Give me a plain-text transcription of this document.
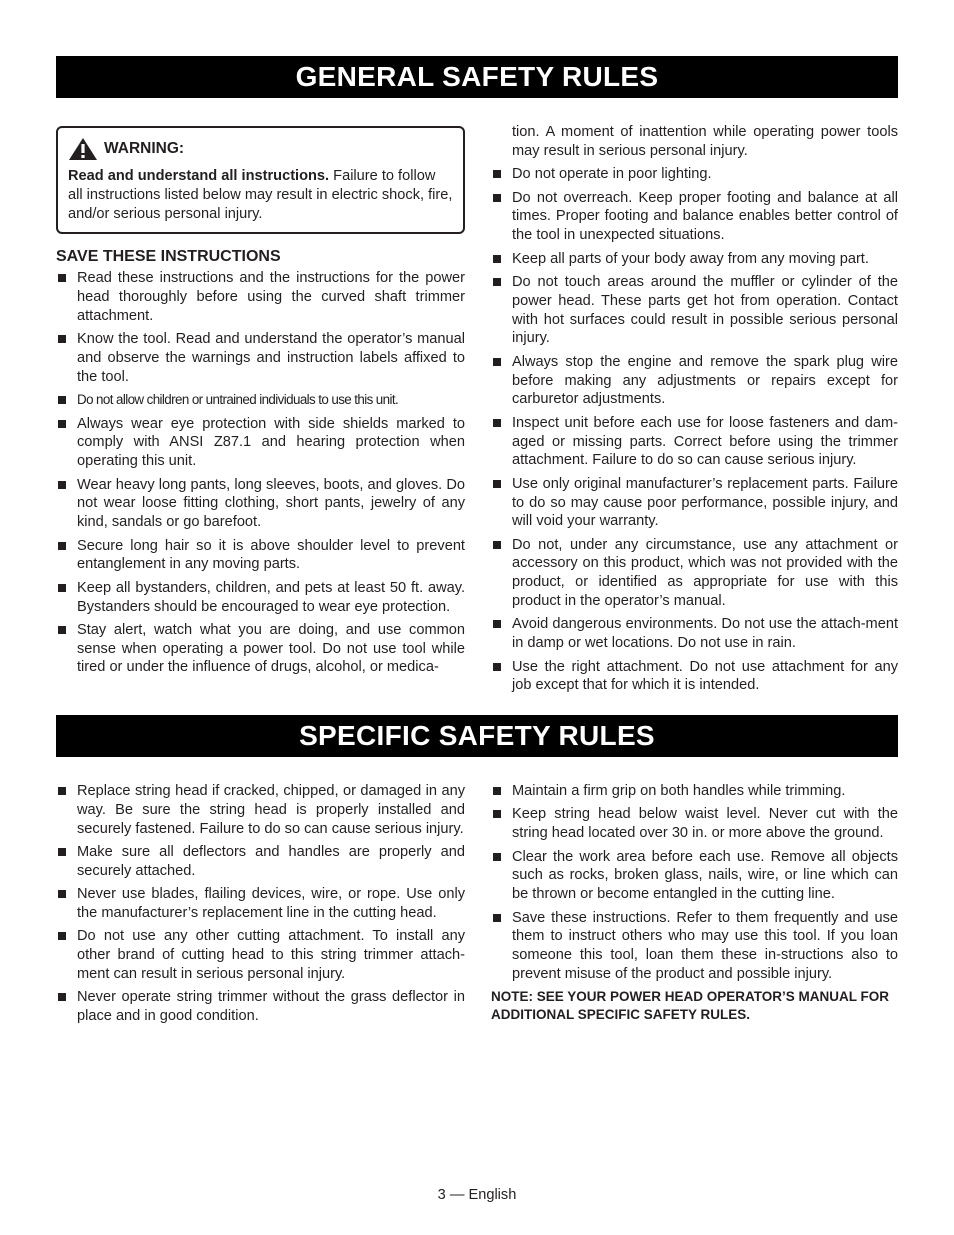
GENERAL SAFETY RULES
WARNING:
Read and understand all instructions. Failure to follow all instructions listed below may result in electric shock, fire, and/or serious personal injury.
SAVE THESE INSTRUCTIONS
Read these instructions and the instructions for the power head thoroughly before using the curved shaft trimmer attachment.
Know the tool. Read and understand the operator’s manual and observe the warnings and instruction labels affixed to the tool.
Do not allow children or untrained individuals to use this unit.
Always wear eye protection with side shields marked to comply with ANSI Z87.1 and hearing protection when operating this unit.
Wear heavy long pants, long sleeves, boots, and gloves. Do not wear loose fitting clothing, short pants, jewelry of any kind, sandals or go barefoot.
Secure long hair so it is above shoulder level to prevent entanglement in any moving parts.
Keep all bystanders, children, and pets at least 50 ft. away. Bystanders should be encouraged to wear eye protection.
Stay alert, watch what you are doing, and use common sense when operating a power tool. Do not use tool while tired or under the influence of drugs, alcohol, or medica-
tion. A moment of inattention while operating power tools may result in serious personal injury.
Do not operate in poor lighting.
Do not overreach. Keep proper footing and balance at all times. Proper footing and balance enables better control of the tool in unexpected situations.
Keep all parts of your body away from any moving part.
Do not touch areas around the muffler or cylinder of the power head. These parts get hot from operation. Contact with hot surfaces could result in possible serious personal injury.
Always stop the engine and remove the spark plug wire before making any adjustments or repairs except for carburetor adjustments.
Inspect unit before each use for loose fasteners and dam-aged or missing parts. Correct before using the trimmer attachment. Failure to do so can cause serious injury.
Use only original manufacturer’s replacement parts. Failure to do so may cause poor performance, possible injury, and will void your warranty.
Do not, under any circumstance, use any attachment or accessory on this product, which was not provided with the product, or identified as appropriate for use with this product in the operator’s manual.
Avoid dangerous environments. Do not use the attach-ment in damp or wet locations. Do not use in rain.
Use the right attachment. Do not use attachment for any job except that for which it is intended.
SPECIFIC SAFETY RULES
Replace string head if cracked, chipped, or damaged in any way. Be sure the string head is properly installed and securely fastened. Failure to do so can cause serious injury.
Make sure all deflectors and handles are properly and securely attached.
Never use blades, flailing devices, wire, or rope. Use only the manufacturer’s replacement line in the cutting head.
Do not use any other cutting attachment. To install any other brand of cutting head to this string trimmer attach-ment can result in serious personal injury.
Never operate string trimmer without the grass deflector in place and in good condition.
Maintain a firm grip on both handles while trimming.
Keep string head below waist level. Never cut with the string head located over 30 in. or more above the ground.
Clear the work area before each use. Remove all objects such as rocks, broken glass, nails, wire, or line which can be thrown or become entangled in the cutting line.
Save these instructions. Refer to them frequently and use them to instruct others who may use this tool. If you loan someone this tool, loan them these in-structions also to prevent misuse of the product and possible injury.
NOTE: SEE YOUR POWER HEAD OPERATOR’S MANUAL FOR ADDITIONAL SPECIFIC SAFETY RULES.
3 — English
